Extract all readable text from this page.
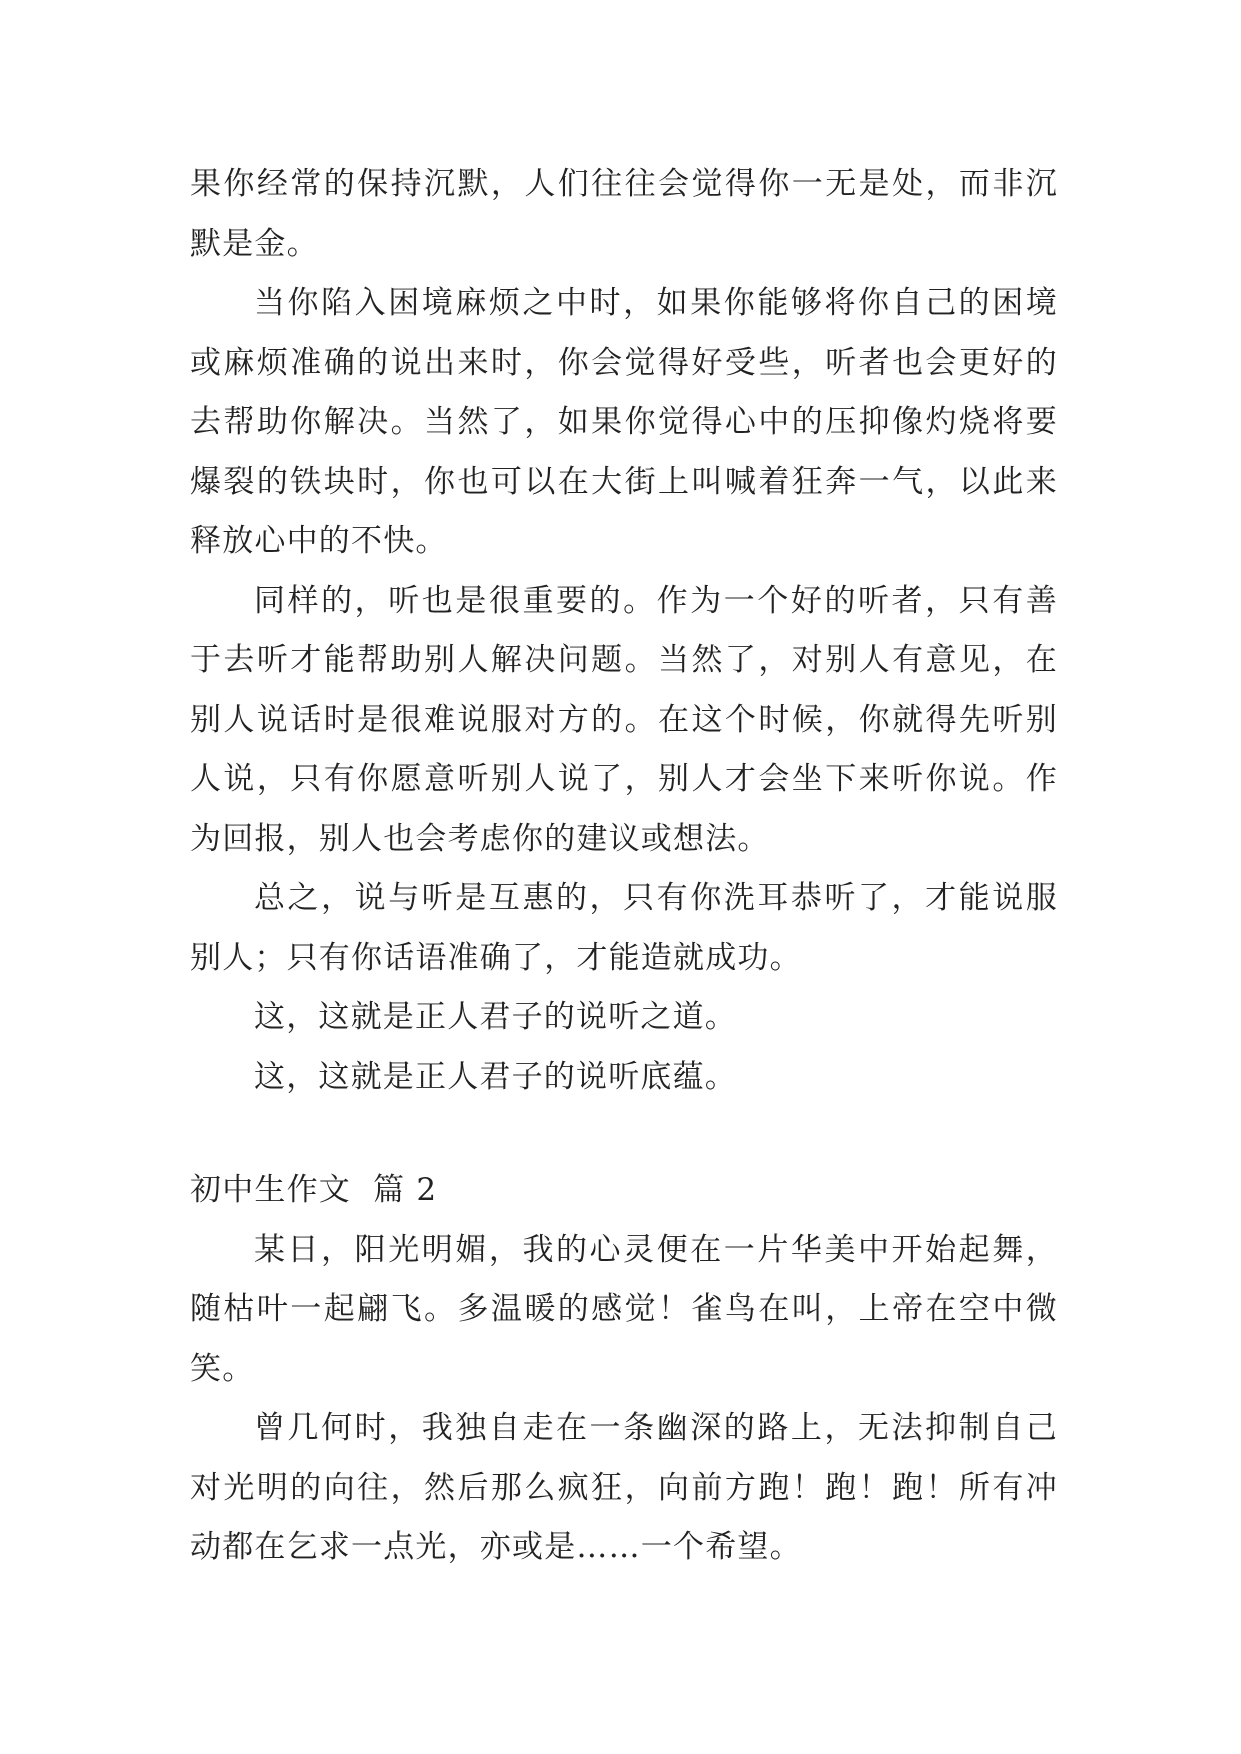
果你经常的保持沉默，人们往往会觉得你一无是处，而非沉默是金。

当你陷入困境麻烦之中时，如果你能够将你自己的困境或麻烦准确的说出来时，你会觉得好受些，听者也会更好的去帮助你解决。当然了，如果你觉得心中的压抑像灼烧将要爆裂的铁块时，你也可以在大街上叫喊着狂奔一气，以此来释放心中的不快。

同样的，听也是很重要的。作为一个好的听者，只有善于去听才能帮助别人解决问题。当然了，对别人有意见，在别人说话时是很难说服对方的。在这个时候，你就得先听别人说，只有你愿意听别人说了，别人才会坐下来听你说。作为回报，别人也会考虑你的建议或想法。

总之，说与听是互惠的，只有你洗耳恭听了，才能说服别人；只有你话语准确了，才能造就成功。

这，这就是正人君子的说听之道。

这，这就是正人君子的说听底蕴。

初中生作文  篇 2

某日，阳光明媚，我的心灵便在一片华美中开始起舞，随枯叶一起翩飞。多温暖的感觉！雀鸟在叫，上帝在空中微笑。

曾几何时，我独自走在一条幽深的路上，无法抑制自己对光明的向往，然后那么疯狂，向前方跑！跑！跑！所有冲动都在乞求一点光，亦或是……一个希望。
